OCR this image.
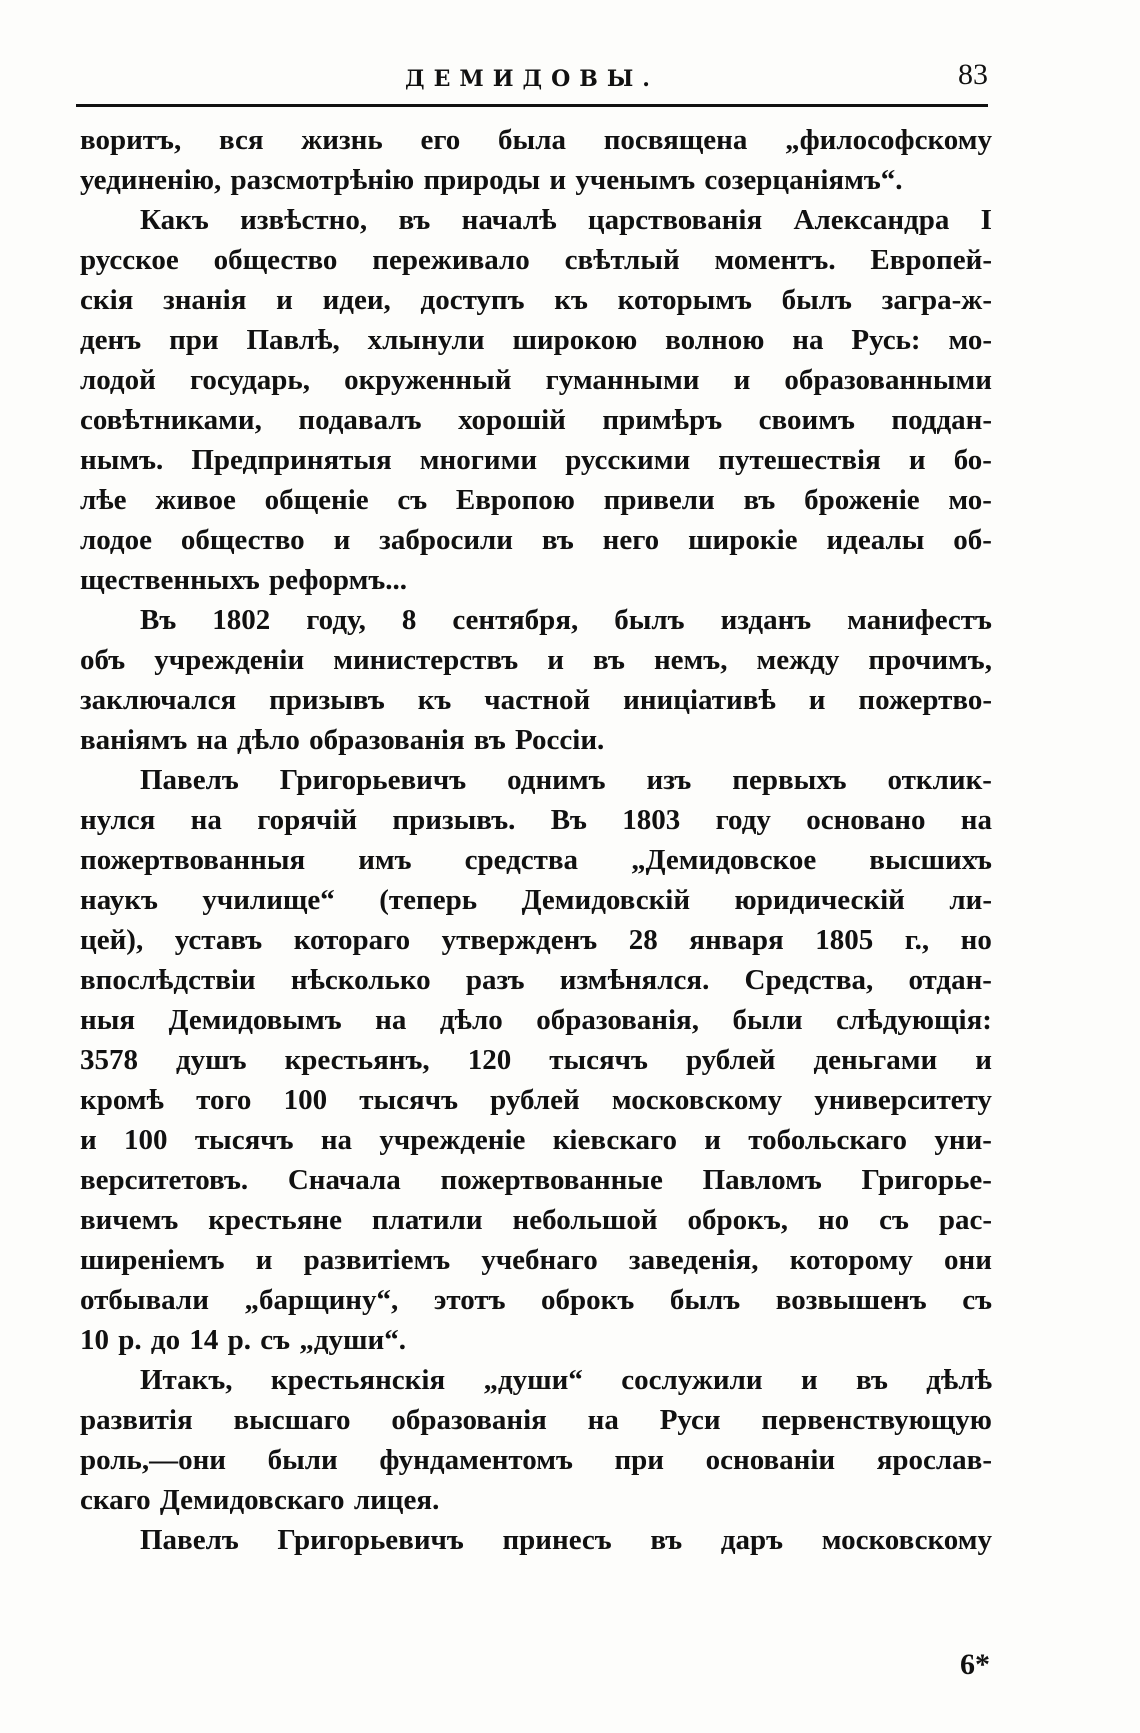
ДЕМИДОВЫ.	83
воритъ, вся жизнь его была посвящена „философскому
уединенію, разсмотрѣнію природы и ученымъ созерцаніямъ“.
Какъ извѣстно, въ началѣ царствованія Александра I
русское общество переживало свѣтлый моментъ. Европей-
скія знанія и идеи, доступъ къ которымъ былъ загра-ж-
денъ при Павлѣ, хлынули широкою волною на Русь: мо-
лодой государь, окруженный гуманными и образованными
совѣтниками, подавалъ хорошій примѣръ своимъ поддан-
нымъ. Предпринятыя многими русскими путешествія и бо-
лѣе живое общеніе съ Европою привели въ броженіе мо-
лодое общество и забросили въ него широкіе идеалы об-
щественныхъ реформъ...
Въ 1802 году, 8 сентября, былъ изданъ манифестъ
объ учрежденіи министерствъ и въ немъ, между прочимъ,
заключался призывъ къ частной иниціативѣ и пожертво-
ваніямъ на дѣло образованія въ Россіи.
Павелъ Григорьевичъ однимъ изъ первыхъ отклик-
нулся на горячій призывъ. Въ 1803 году основано на
пожертвованныя имъ средства „Демидовское высшихъ
наукъ училище“ (теперь Демидовскій юридическій ли-
цей), уставъ котораго утвержденъ 28 января 1805 г., но
впослѣдствіи нѣсколько разъ измѣнялся. Средства, отдан-
ныя Демидовымъ на дѣло образованія, были слѣдующія:
3578 душъ крестьянъ, 120 тысячъ рублей деньгами и
кромѣ того 100 тысячъ рублей московскому университету
и 100 тысячъ на учрежденіе кіевскаго и тобольскаго уни-
верситетовъ. Сначала пожертвованные Павломъ Григорье-
вичемъ крестьяне платили небольшой оброкъ, но съ рас-
ширеніемъ и развитіемъ учебнаго заведенія, которому они
отбывали „барщину“, этотъ оброкъ былъ возвышенъ съ
10 р. до 14 р. съ „души“.
Итакъ, крестьянскія „души“ сослужили и въ дѣлѣ
развитія высшаго образованія на Руси первенствующую
роль,—они были фундаментомъ при основаніи ярослав-
скаго Демидовскаго лицея.
Павелъ Григорьевичъ принесъ въ даръ московскому
6*
